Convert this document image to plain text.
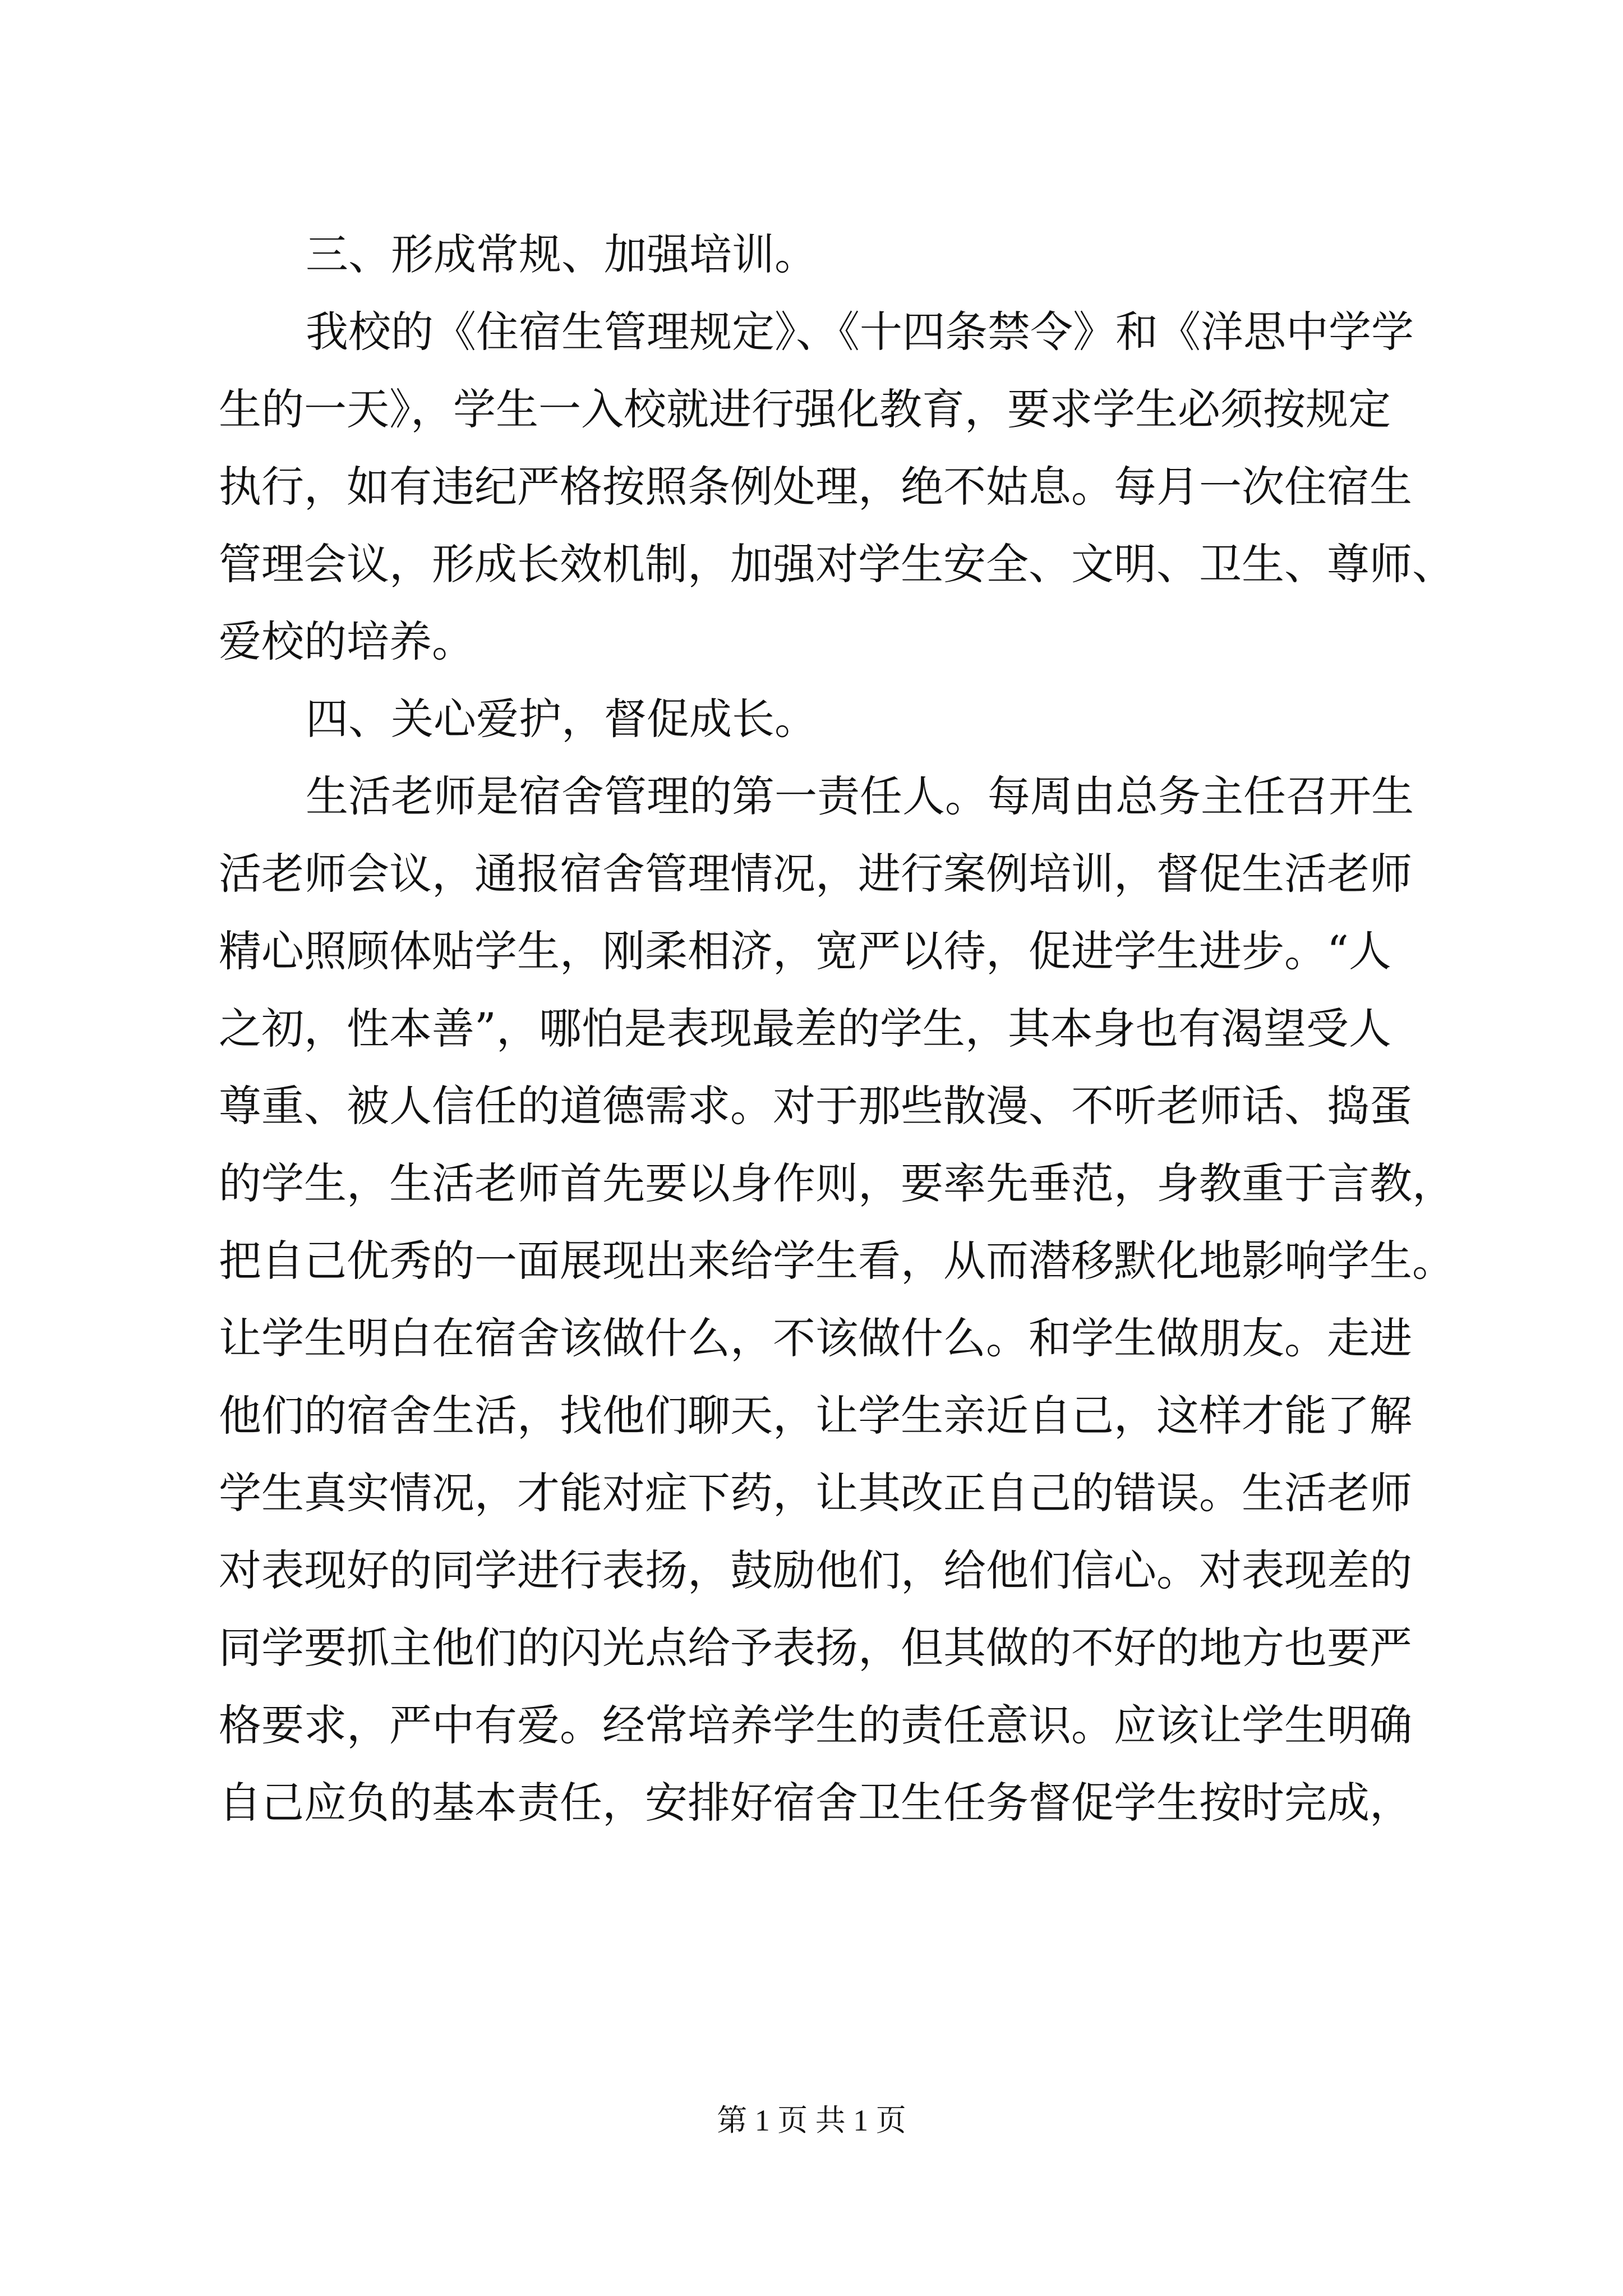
三、形成常规、加强培训。
我校的《住宿生管理规定》、《十四条禁令》和《洋思中学学
生的一天》，学生一入校就进行强化教育，要求学生必须按规定
执行，如有违纪严格按照条例处理，绝不姑息。每月一次住宿生
管理会议，形成长效机制，加强对学生安全、文明、卫生、尊师、
爱校的培养。
四、关心爱护，督促成长。
生活老师是宿舍管理的第一责任人。每周由总务主任召开生
活老师会议，通报宿舍管理情况，进行案例培训，督促生活老师
精心照顾体贴学生，刚柔相济，宽严以待，促进学生进步。“人
之初，性本善”，哪怕是表现最差的学生，其本身也有渴望受人
尊重、被人信任的道德需求。对于那些散漫、不听老师话、捣蛋
的学生，生活老师首先要以身作则，要率先垂范，身教重于言教，
把自己优秀的一面展现出来给学生看，从而潜移默化地影响学生。
让学生明白在宿舍该做什么，不该做什么。和学生做朋友。走进
他们的宿舍生活，找他们聊天，让学生亲近自己，这样才能了解
学生真实情况，才能对症下药，让其改正自己的错误。生活老师
对表现好的同学进行表扬，鼓励他们，给他们信心。对表现差的
同学要抓主他们的闪光点给予表扬，但其做的不好的地方也要严
格要求，严中有爱。经常培养学生的责任意识。应该让学生明确
自己应负的基本责任，安排好宿舍卫生任务督促学生按时完成，
第 1 页 共 1 页
